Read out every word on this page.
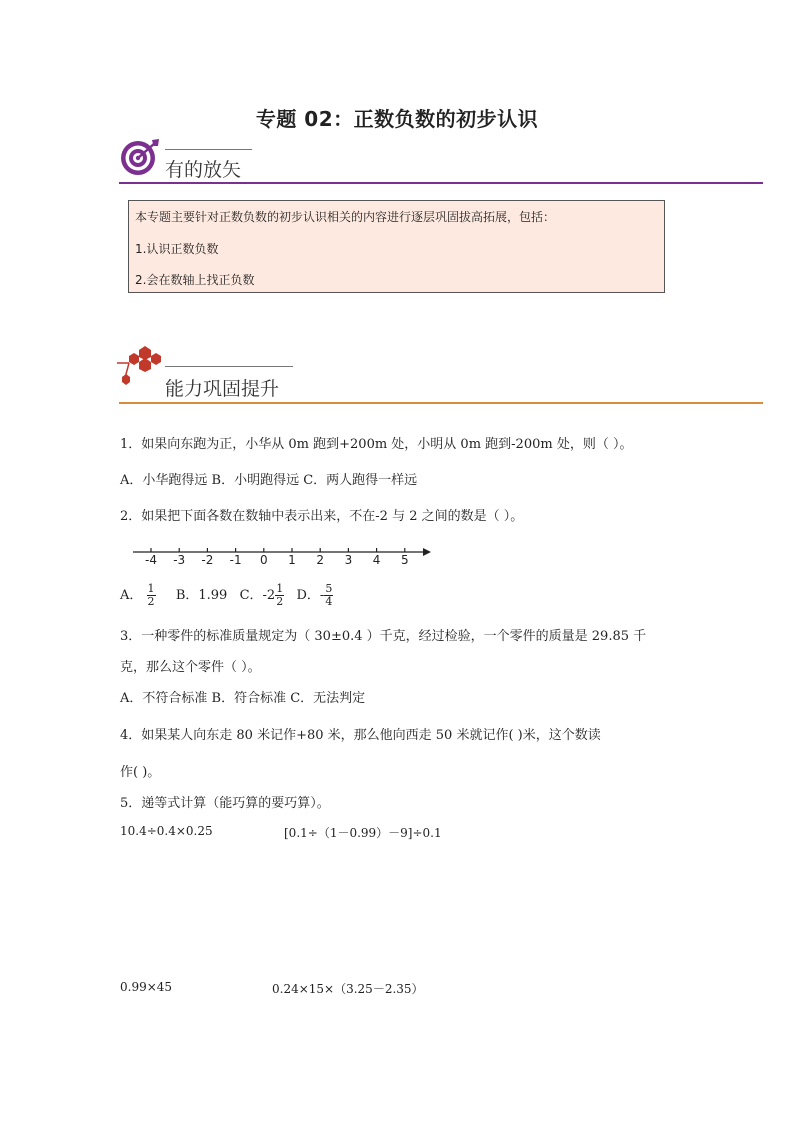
专题 02：正数负数的初步认识
有的放矢
本专题主要针对正数负数的初步认识相关的内容进行逐层巩固拔高拓展，包括：
1.认识正数负数
2.会在数轴上找正负数
能力巩固提升
1．如果向东跑为正，小华从 0m 跑到+200m 处，小明从 0m 跑到-200m 处，则（ ）。
A．小华跑得远 B．小明跑得远 C．两人跑得一样远
2．如果把下面各数在数轴中表示出来，不在-2 与 2 之间的数是（ ）。
-4	-3	-2	-1	0	1	2	3	4	5
A． $\frac{1}{2}$ B．1.99 C．$-2 \frac{1}{2}$ D．- $\frac{5}{4}$
3．一种零件的标准质量规定为（ 30±0.4 ）千克，经过检验，一个零件的质量是 29.85 千
克，那么这个零件（ ）。
A．不符合标准 B．符合标准 C．无法判定
4．如果某人向东走 80 米记作+80 米，那么他向西走 50 米就记作( )米，这个数读
作( )。
5．递等式计算（能巧算的要巧算）。
10.4÷0.4×0.25	[0.1÷（1－0.99）－9]÷0.1
0.99×45	0.24×15×（3.25－2.35）
